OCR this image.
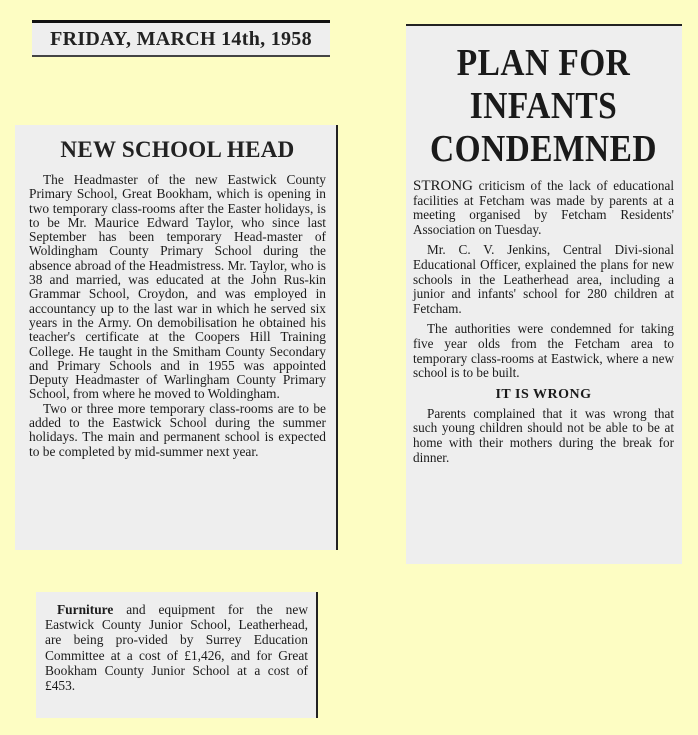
FRIDAY, MARCH 14th, 1958
NEW SCHOOL HEAD

The Headmaster of the new Eastwick County Primary School, Great Bookham, which is opening in two temporary class-rooms after the Easter holidays, is to be Mr. Maurice Edward Taylor, who since last September has been temporary Head-master of Woldingham County Primary School during the absence abroad of the Headmistress. Mr. Taylor, who is 38 and married, was educated at the John Rus-kin Grammar School, Croydon, and was employed in accountancy up to the last war in which he served six years in the Army. On demobilisation he obtained his teacher's certificate at the Coopers Hill Training College. He taught in the Smitham County Secondary and Primary Schools and in 1955 was appointed Deputy Headmaster of Warlingham County Primary School, from where he moved to Woldingham.

Two or three more temporary class-rooms are to be added to the Eastwick School during the summer holidays. The main and permanent school is expected to be completed by mid-summer next year.

PLAN FOR
INFANTS
CONDEMNED

STRONG criticism of the lack of educational facilities at Fetcham was made by parents at a meeting organised by Fetcham Residents' Association on Tuesday.

Mr. C. V. Jenkins, Central Divi-sional Educational Officer, explained the plans for new schools in the Leatherhead area, including a junior and infants' school for 280 children at Fetcham.

The authorities were condemned for taking five year olds from the Fetcham area to temporary class-rooms at Eastwick, where a new school is to be built.

IT IS WRONG

Parents complained that it was wrong that such young children should not be able to be at home with their mothers during the break for dinner.

Furniture and equipment for the new Eastwick County Junior School, Leatherhead, are being pro-vided by Surrey Education Committee at a cost of £1,426, and for Great Bookham County Junior School at a cost of £453.
